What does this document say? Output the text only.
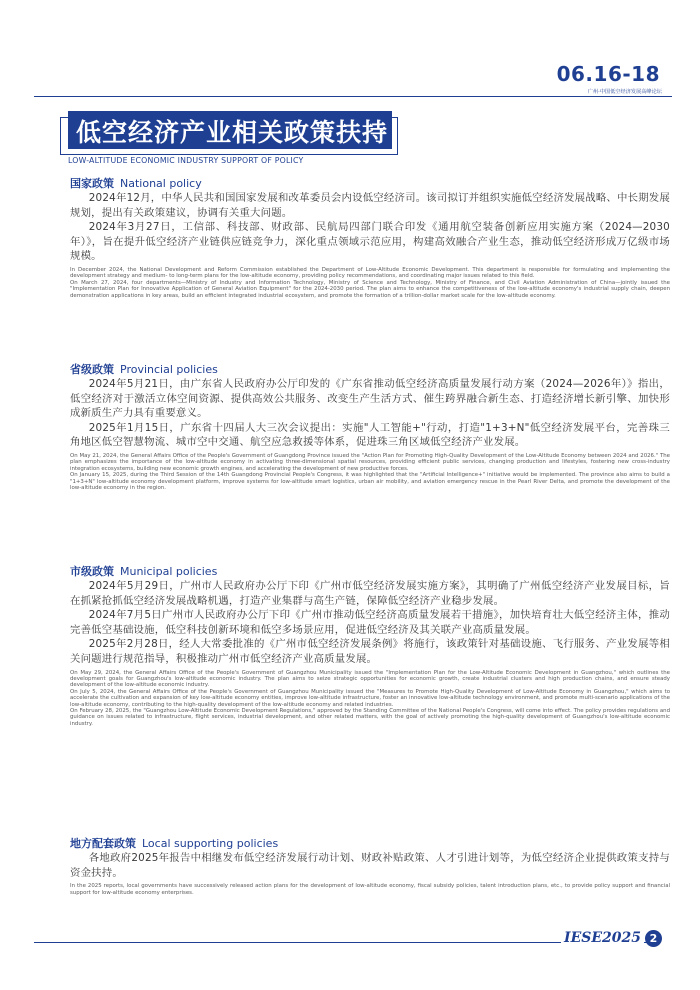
06.16-18
广州·中国低空经济发展高峰论坛
低空经济产业相关政策扶持
LOW-ALTITUDE ECONOMIC INDUSTRY SUPPORT OF POLICY
国家政策 National policy

2024年12月，中华人民共和国国家发展和改革委员会内设低空经济司。该司拟订并组织实施低空经济发展战略、中长期发展规划，提出有关政策建议，协调有关重大问题。

2024年3月27日，工信部、科技部、财政部、民航局四部门联合印发《通用航空装备创新应用实施方案（2024—2030年）》，旨在提升低空经济产业链供应链竞争力，深化重点领域示范应用，构建高效融合产业生态，推动低空经济形成万亿级市场规模。

In December 2024, the National Development and Reform Commission established the Department of Low-Altitude Economic Development. This department is responsible for formulating and implementing the development strategy and medium- to long-term plans for the low-altitude economy, providing policy recommendations, and coordinating major issues related to this field.

On March 27, 2024, four departments—Ministry of Industry and Information Technology, Ministry of Science and Technology, Ministry of Finance, and Civil Aviation Administration of China—jointly issued the "Implementation Plan for Innovative Application of General Aviation Equipment" for the 2024-2030 period. The plan aims to enhance the competitiveness of the low-altitude economy's industrial supply chain, deepen demonstration applications in key areas, build an efficient integrated industrial ecosystem, and promote the formation of a trillion-dollar market scale for the low-altitude economy.

省级政策 Provincial policies

2024年5月21日，由广东省人民政府办公厅印发的《广东省推动低空经济高质量发展行动方案（2024—2026年）》指出，低空经济对于激活立体空间资源、提供高效公共服务、改变生产生活方式、催生跨界融合新生态、打造经济增长新引擎、加快形成新质生产力具有重要意义。

2025年1月15日，广东省十四届人大三次会议提出：实施"人工智能+"行动，打造"1+3+N"低空经济发展平台，完善珠三角地区低空智慧物流、城市空中交通、航空应急救援等体系，促进珠三角区域低空经济产业发展。

On May 21, 2024, the General Affairs Office of the People's Government of Guangdong Province issued the "Action Plan for Promoting High-Quality Development of the Low-Altitude Economy between 2024 and 2026." The plan emphasizes the importance of the low-altitude economy in activating three-dimensional spatial resources, providing efficient public services, changing production and lifestyles, fostering new cross-industry integration ecosystems, building new economic growth engines, and accelerating the development of new productive forces.

On January 15, 2025, during the Third Session of the 14th Guangdong Provincial People's Congress, it was highlighted that the "Artificial Intelligence+" initiative would be implemented. The province also aims to build a "1+3+N" low-altitude economy development platform, improve systems for low-altitude smart logistics, urban air mobility, and aviation emergency rescue in the Pearl River Delta, and promote the development of the low-altitude economy in the region.

市级政策 Municipal policies

2024年5月29日，广州市人民政府办公厅下印《广州市低空经济发展实施方案》，其明确了广州低空经济产业发展目标，旨在抓紧抢抓低空经济发展战略机遇，打造产业集群与高生产链，保障低空经济产业稳步发展。

2024年7月5日广州市人民政府办公厅下印《广州市推动低空经济高质量发展若干措施》，加快培育壮大低空经济主体，推动完善低空基础设施，低空科技创新环境和低空多场景应用，促进低空经济及其关联产业高质量发展。

2025年2月28日，经人大常委批准的《广州市低空经济发展条例》将施行，该政策针对基础设施、飞行服务、产业发展等相关问题进行规范指导，积极推动广州市低空经济产业高质量发展。

On May 29, 2024, the General Affairs Office of the People's Government of Guangzhou Municipality issued the "Implementation Plan for the Low-Altitude Economic Development in Guangzhou," which outlines the development goals for Guangzhou's low-altitude economic industry. The plan aims to seize strategic opportunities for economic growth, create industrial clusters and high production chains, and ensure steady development of the low-altitude economic industry.

On July 5, 2024, the General Affairs Office of the People's Government of Guangzhou Municipality issued the "Measures to Promote High-Quality Development of Low-Altitude Economy in Guangzhou," which aims to accelerate the cultivation and expansion of key low-altitude economy entities, improve low-altitude infrastructure, foster an innovative low-altitude technology environment, and promote multi-scenario applications of the low-altitude economy, contributing to the high-quality development of the low-altitude economy and related industries.

On February 28, 2025, the "Guangzhou Low-Altitude Economic Development Regulations," approved by the Standing Committee of the National People's Congress, will come into effect. The policy provides regulations and guidance on issues related to infrastructure, flight services, industrial development, and other related matters, with the goal of actively promoting the high-quality development of Guangzhou's low-altitude economic industry.

地方配套政策 Local supporting policies

各地政府2025年报告中相继发布低空经济发展行动计划、财政补贴政策、人才引进计划等，为低空经济企业提供政策支持与资金扶持。

In the 2025 reports, local governments have successively released action plans for the development of low-altitude economy, fiscal subsidy policies, talent introduction plans, etc., to provide policy support and financial support for low-altitude economy enterprises.

IESE2025 2
